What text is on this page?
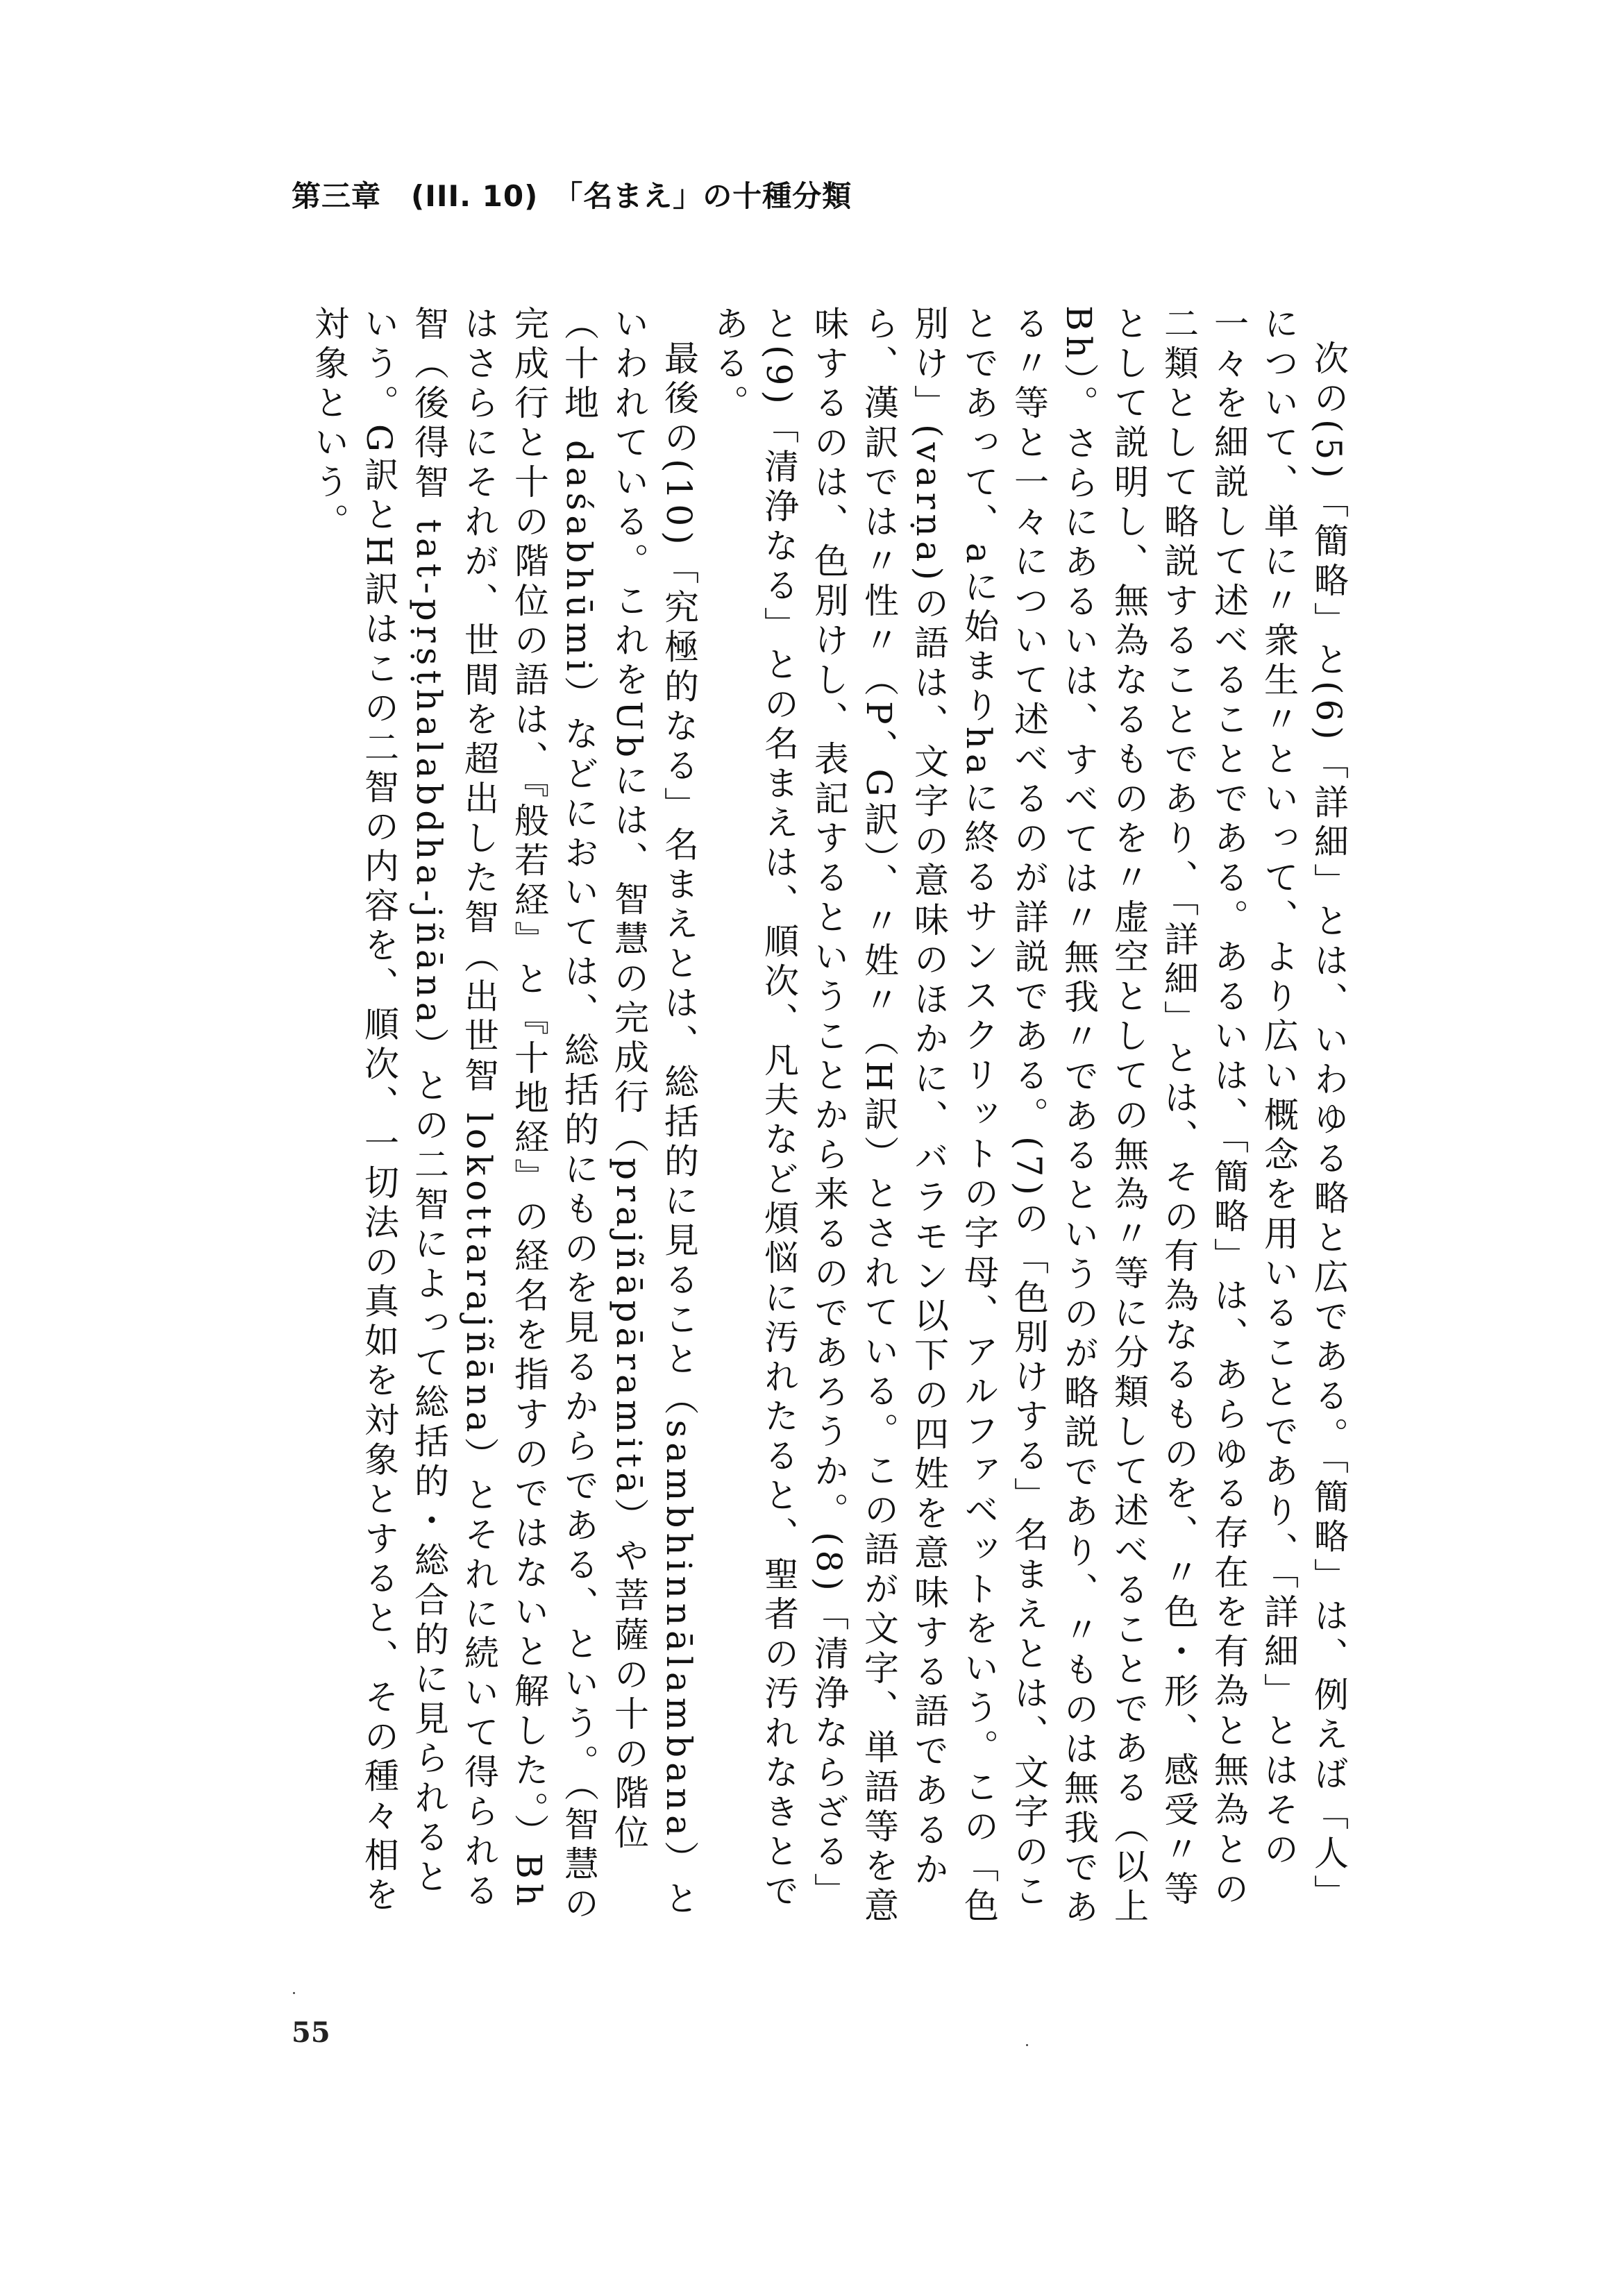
第三章　(III. 10)　「名まえ」の十種分類

次の(5)「簡略」と(6)「詳細」とは、いわゆる略と広である。「簡略」は、例えば「人」について、単に〃衆生〃といって、より広い概念を用いることであり、「詳細」とはその一々を細説して述べることである。あるいは、「簡略」は、あらゆる存在を有為と無為との二類として略説することであり、「詳細」とは、その有為なるものを、〃色・形、感受〃等として説明し、無為なるものを〃虚空としての無為〃等に分類して述べることである（以上Bh）。さらにあるいは、すべては〃無我〃であるというのが略説であり、〃ものは無我である〃等と一々について述べるのが詳説である。(7)の「色別けする」名まえとは、文字のことであって、aに始まりhaに終るサンスクリットの字母、アルファベットをいう。この「色別け」(varṇa)の語は、文字の意味のほかに、バラモン以下の四姓を意味する語であるから、漢訳では〃性〃（P、G訳）、〃姓〃（H訳）とされている。この語が文字、単語等を意味するのは、色別けし、表記するということから来るのであろうか。(8)「清浄ならざる」と(9)「清浄なる」との名まえは、順次、凡夫など煩悩に汚れたると、聖者の汚れなきとである。

最後の(10)「究極的なる」名まえとは、総括的に見ること（sambhinnālambana）といわれている。これをUbには、智慧の完成行（prajñāpāramitā）や菩薩の十の階位（十地 daśabhūmi）などにおいては、総括的にものを見るからである、という。（智慧の完成行と十の階位の語は、『般若経』と『十地経』の経名を指すのではないと解した。）Bhはさらにそれが、世間を超出した智（出世智 lokottarajñāna）とそれに続いて得られる智（後得智 tat-pṛṣṭhalabdha-jñāna）との二智によって総括的・総合的に見られるという。G訳とH訳はこの二智の内容を、順次、一切法の真如を対象とすると、その種々相を対象という。

55
